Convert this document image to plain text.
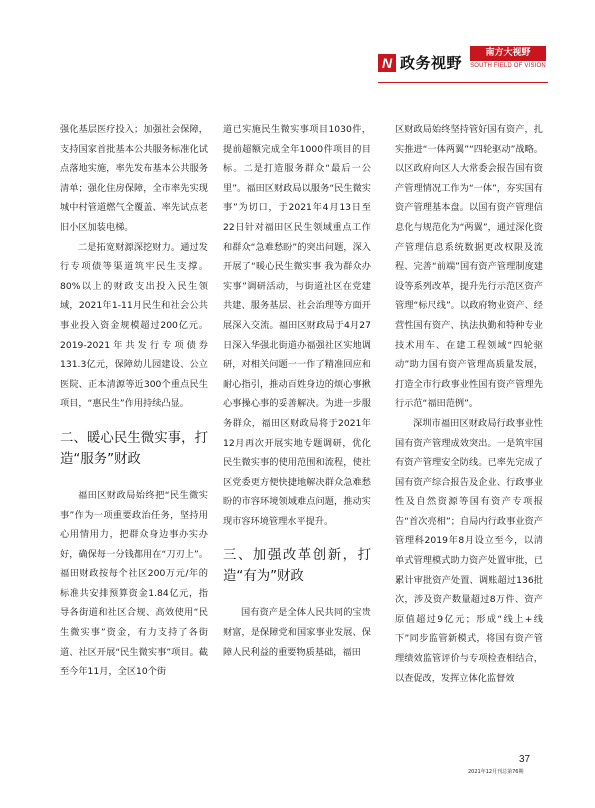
N 政务视野
南方大视野
SOUTH FIELD OF VISION

强化基层医疗投入；加强社会保障，支持国家首批基本公共服务标准化试点落地实施，率先发布基本公共服务清单；强化住房保障，全市率先实现城中村管道燃气全覆盖、率先试点老旧小区加装电梯。

二是拓宽财源深挖财力。通过发行专项债等渠道筑牢民生支撑。80%以上的财政支出投入民生领域，2021年1-11月民生和社会公共事业投入资金规模超过200亿元。2019-2021年共发行专项债券131.3亿元，保障幼儿园建设、公立医院、正本清源等近300个重点民生项目，“惠民生”作用持续凸显。

二、暖心民生微实事，打造“服务”财政

福田区财政局始终把“民生微实事”作为一项重要政治任务，坚持用心用情用力，把群众身边事办实办好，确保每一分钱都用在“刀刃上”。福田财政按每个社区200万元/年的标准共安排预算资金1.84亿元，指导各街道和社区合规、高效使用“民生微实事”资金，有力支持了各街道、社区开展“民生微实事”项目。截至今年11月，全区10个街

道已实施民生微实事项目1030件，提前超额完成全年1000件项目的目标。二是打造服务群众“最后一公里”。福田区财政局以服务“民生微实事”为切口，于2021年4月13日至22日针对福田区民生领域重点工作和群众“急难愁盼”的突出问题，深入开展了“暖心民生微实事 我为群众办实事”调研活动，与街道社区在党建共建、服务基层、社会治理等方面开展深入交流。福田区财政局于4月27日深入华强北街道办福强社区实地调研，对相关问题一一作了精准回应和耐心指引，推动百姓身边的烦心事揪心事操心事的妥善解决。为进一步服务群众，福田区财政局将于2021年12月再次开展实地专题调研，优化民生微实事的使用范围和流程，使社区党委更方便快捷地解决群众急难愁盼的市容环境领域难点问题，推动实现市容环境管理水平提升。

三、加强改革创新，打造“有为”财政

国有资产是全体人民共同的宝贵财富，是保障党和国家事业发展、保障人民利益的重要物质基础，福田

区财政局始终坚持管好国有资产，扎实推进“一体两翼”“四轮驱动”战略。以区政府向区人大常委会报告国有资产管理情况工作为“一体”，夯实国有资产管理基本盘。以国有资产管理信息化与规范化为“两翼”，通过深化资产管理信息系统数据更改权限及流程、完善“前端”国有资产管理制度建设等系列改革，提升先行示范区资产管理“标尺线”。以政府物业资产、经营性国有资产、执法执勤和特种专业技术用车、在建工程领域“四轮驱动”助力国有资产管理高质量发展，打造全市行政事业性国有资产管理先行示范“福田范例”。

深圳市福田区财政局行政事业性国有资产管理成效突出。一是筑牢国有资产管理安全防线。已率先完成了国有资产综合报告及企业、行政事业性及自然资源等国有资产专项报告“首次亮相”；自局内行政事业资产管理科2019年8月设立至今，以清单式管理模式助力资产处置审批，已累计审批资产处置、调账超过136批次，涉及资产数量超过8万件、资产原值超过9亿元；形成“线上+线下”同步监管新模式，将国有资产管理绩效监管评价与专项检查相结合，以查促改，发挥立体化监督效

37
2021年12月刊总第76期
